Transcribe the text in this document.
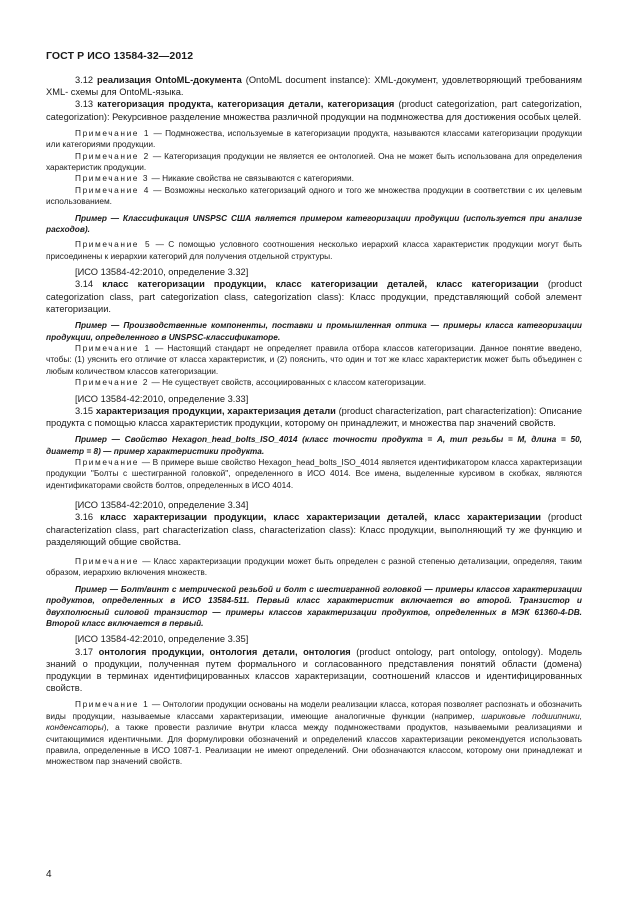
ГОСТ Р ИСО 13584-32—2012

3.12 реализация OntoML-документа (OntoML document instance): XML-документ, удовлетворяющий требованиям XML- схемы для OntoML-языка.

3.13 категоризация продукта, категоризация детали, категоризация (product categorization, part categorization, categorization): Рекурсивное разделение множества различной продукции на подмножества для достижения особых целей.

Примечание 1 — Подмножества, используемые в категоризации продукта, называются классами категоризации продукции или категориями продукции.

Примечание 2 — Категоризация продукции не является ее онтологией. Она не может быть использована для определения характеристик продукции.

Примечание 3 — Никакие свойства не связываются с категориями.

Примечание 4 — Возможны несколько категоризаций одного и того же множества продукции в соответствии с их целевым использованием.

Пример — Классификация UNSPSC США является примером категоризации продукции (используется при анализе расходов).

Примечание 5 — С помощью условного соотношения несколько иерархий класса характеристик продукции могут быть присоединены к иерархии категорий для получения отдельной структуры.

[ИСО 13584-42:2010, определение 3.32]

3.14 класс категоризации продукции, класс категоризации деталей, класс категоризации (product categorization class, part categorization class, categorization class): Класс продукции, представляющий собой элемент категоризации.

Пример — Производственные компоненты, поставки и промышленная оптика — примеры класса категоризации продукции, определенного в UNSPSC-классификаторе.

Примечание 1 — Настоящий стандарт не определяет правила отбора классов категоризации. Данное понятие введено, чтобы: (1) уяснить его отличие от класса характеристик, и (2) пояснить, что один и тот же класс характеристик может быть объединен с любым количеством классов категоризации.

Примечание 2 — Не существует свойств, ассоциированных с классом категоризации.

[ИСО 13584-42:2010, определение 3.33]

3.15 характеризация продукции, характеризация детали (product characterization, part characterization): Описание продукта с помощью класса характеристик продукции, которому он принадлежит, и множества пар значений свойств.

Пример — Свойство Hexagon_head_bolts_ISO_4014 (класс точности продукта = A, тип резьбы = M, длина = 50, диаметр = 8) — пример характеристики продукта.

Примечание — В примере выше свойство Hexagon_head_bolts_ISO_4014 является идентификатором класса характеризации продукции "Болты с шестигранной головкой", определенного в ИСО 4014. Все имена, выделенные курсивом в скобках, являются идентификаторами свойств болтов, определенных в ИСО 4014.

[ИСО 13584-42:2010, определение 3.34]

3.16 класс характеризации продукции, класс характеризации деталей, класс характеризации (product characterization class, part characterization class, characterization class): Класс продукции, выполняющий ту же функцию и разделяющий общие свойства.

Примечание — Класс характеризации продукции может быть определен с разной степенью детализации, определяя, таким образом, иерархию включения множеств.

Пример — Болт/винт с метрической резьбой и болт с шестигранной головкой — примеры классов характеризации продуктов, определенных в ИСО 13584-511. Первый класс характеристик включается во второй. Транзистор и двухполюсный силовой транзистор — примеры классов характеризации продуктов, определенных в МЭК 61360-4-DB. Второй класс включается в первый.

[ИСО 13584-42:2010, определение 3.35]

3.17 онтология продукции, онтология детали, онтология (product ontology, part ontology, ontology). Модель знаний о продукции, полученная путем формального и согласованного представления понятий области (домена) продукции в терминах идентифицированных классов характеризации, соотношений классов и идентифицированных свойств.

Примечание 1 — Онтологии продукции основаны на модели реализации класса, которая позволяет распознать и обозначить виды продукции, называемые классами характеризации, имеющие аналогичные функции (например, шариковые подшипники, конденсаторы), а также провести различие внутри класса между подмножествами продуктов, называемыми реализациями и считающимися идентичными. Для формулировки обозначений и определений классов характеризации рекомендуется использовать правила, определенные в ИСО 1087-1. Реализации не имеют определений. Они обозначаются классом, которому они принадлежат и множеством пар значений свойств.

4
